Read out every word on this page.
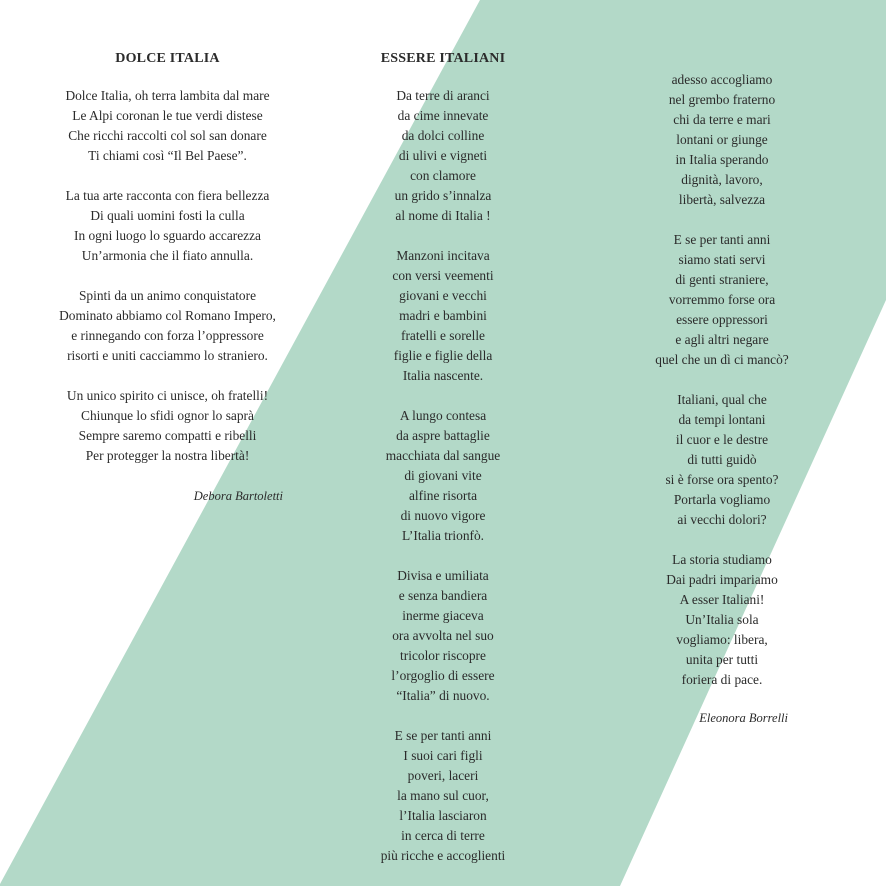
DOLCE ITALIA
Dolce Italia, oh terra lambita dal mare
Le Alpi coronan le tue verdi distese
Che ricchi raccolti col sol san donare
Ti chiami così “Il Bel Paese”.
La tua arte racconta con fiera bellezza
Di quali uomini fosti la culla
In ogni luogo lo sguardo accarezza
Un’armonia che il fiato annulla.
Spinti da un animo conquistatore
Dominato abbiamo col Romano Impero,
e rinnegando con forza l’oppressore
risorti e uniti cacciammo lo straniero.
Un unico spirito ci unisce, oh fratelli!
Chiunque lo sfidi ognor lo saprà
Sempre saremo compatti e ribelli
Per protegger la nostra libertà!
Debora Bartoletti
ESSERE ITALIANI
Da terre di aranci
da cime innevate
da dolci colline
di ulivi e vigneti
con clamore
un grido s’innalza
al nome di Italia !
Manzoni incitava
con versi veementi
giovani e vecchi
madri e bambini
fratelli e sorelle
figlie e figlie della
Italia nascente.
A lungo contesa
da aspre battaglie
macchiata dal sangue
di giovani vite
alfine risorta
di nuovo vigore
L’Italia trionfò.
Divisa e umiliata
e senza bandiera
inerme giaceva
ora avvolta nel suo
tricolor riscopre
l’orgoglio di essere
“Italia” di nuovo.
E se per tanti anni
I suoi cari figli
poveri, laceri
la mano sul cuor,
l’Italia lasciaron
in cerca di terre
più ricche e accoglienti
adesso accogliamo
nel grembo fraterno
chi da terre e mari
lontani or giunge
in Italia sperando
dignità, lavoro,
libertà, salvezza
E se per tanti anni
siamo stati servi
di genti straniere,
vorremmo forse ora
essere oppressori
e agli altri negare
quel che un dì ci mancò?
Italiani, qual che
da tempi lontani
il cuor e le destre
di tutti guidò
si è forse ora spento?
Portarla vogliamo
ai vecchi dolori?
La storia studiamo
Dai padri impariamo
A esser Italiani!
Un’Italia sola
vogliamo: libera,
unita per tutti
foriera di pace.
Eleonora Borrelli
